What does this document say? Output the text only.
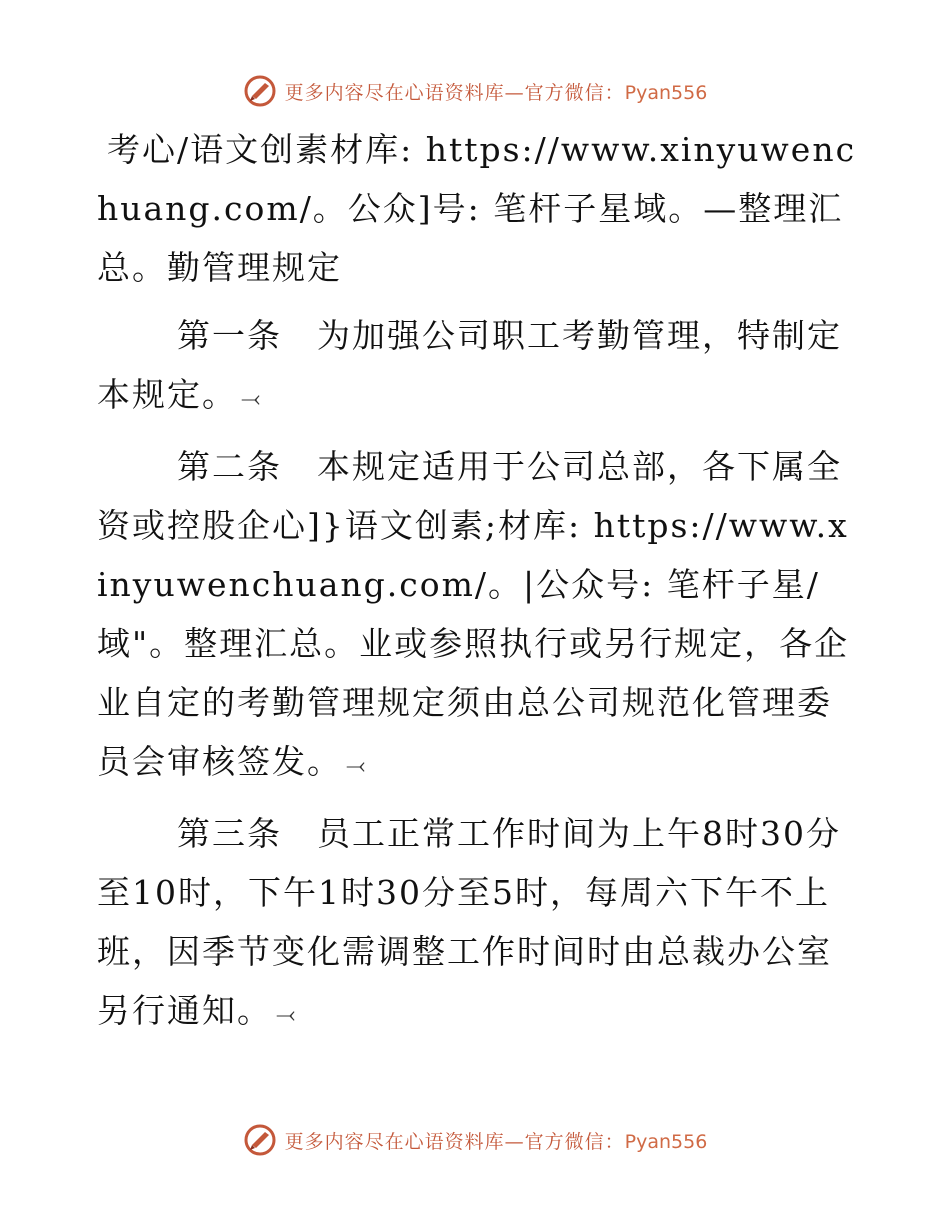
更多内容尽在心语资料库—官方微信：Pyan556

考心/语文创素材库: https://www.xinyuwenchuang.com/。公众]号: 笔杆子星域。—整理汇总。勤管理规定

第一条　 为加强公司职工考勤管理，特制定本规定。 ⤙

第二条　 本规定适用于公司总部，各下属全资或控股企心]}语文创素;材库: https://www.xinyuwenchuang.com/。|公众号: 笔杆子星/域"。整理汇总。业或参照执行或另行规定，各企业自定的考勤管理规定须由总公司规范化管理委员会审核签发。 ⤙

第三条　 员工正常工作时间为上午8时30分至10时，下午1时30分至5时，每周六下午不上班，因季节变化需调整工作时间时由总裁办公室另行通知。 ⤙

更多内容尽在心语资料库—官方微信：Pyan556
